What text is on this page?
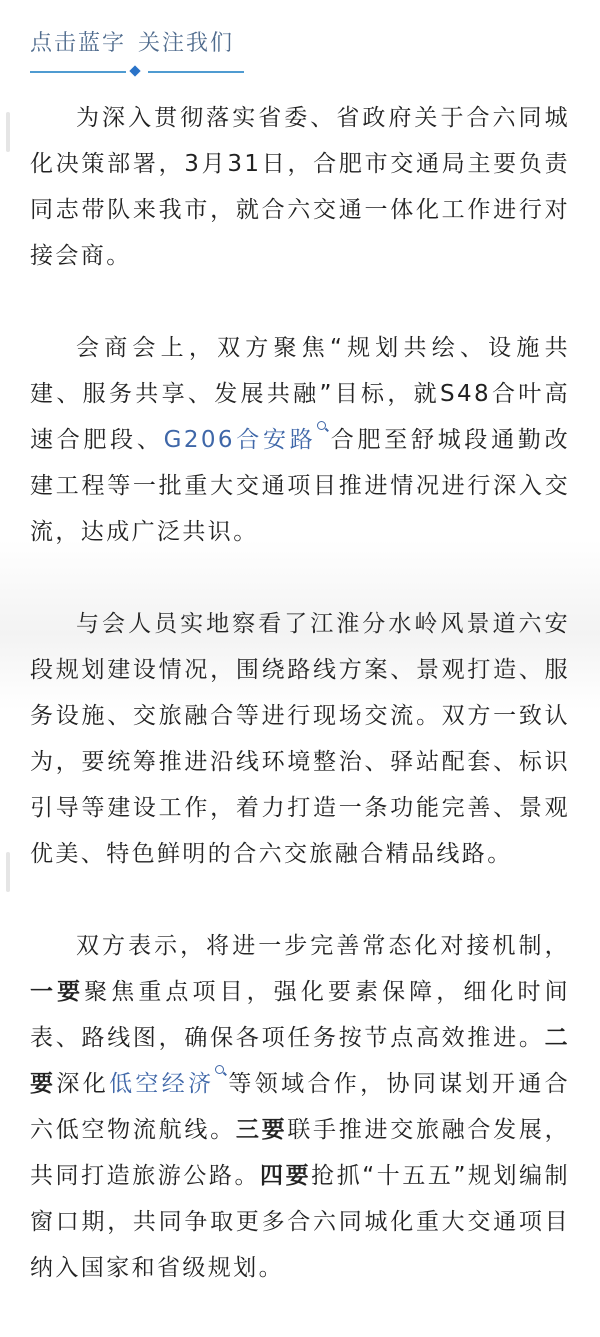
点击蓝字 关注我们

为深入贯彻落实省委、省政府关于合六同城化决策部署，3月31日，合肥市交通局主要负责同志带队来我市，就合六交通一体化工作进行对接会商。

会商会上，双方聚焦“规划共绘、设施共建、服务共享、发展共融”目标，就S48合叶高速合肥段、G206合安路 合肥至舒城段通勤改建工程等一批重大交通项目推进情况进行深入交流，达成广泛共识。

与会人员实地察看了江淮分水岭风景道六安段规划建设情况，围绕路线方案、景观打造、服务设施、交旅融合等进行现场交流。双方一致认为，要统筹推进沿线环境整治、驿站配套、标识引导等建设工作，着力打造一条功能完善、景观优美、特色鲜明的合六交旅融合精品线路。

双方表示，将进一步完善常态化对接机制，一要聚焦重点项目，强化要素保障，细化时间表、路线图，确保各项任务按节点高效推进。二要深化低空经济 等领域合作，协同谋划开通合六低空物流航线。三要联手推进交旅融合发展，共同打造旅游公路。四要抢抓“十五五”规划编制窗口期，共同争取更多合六同城化重大交通项目纳入国家和省级规划。
